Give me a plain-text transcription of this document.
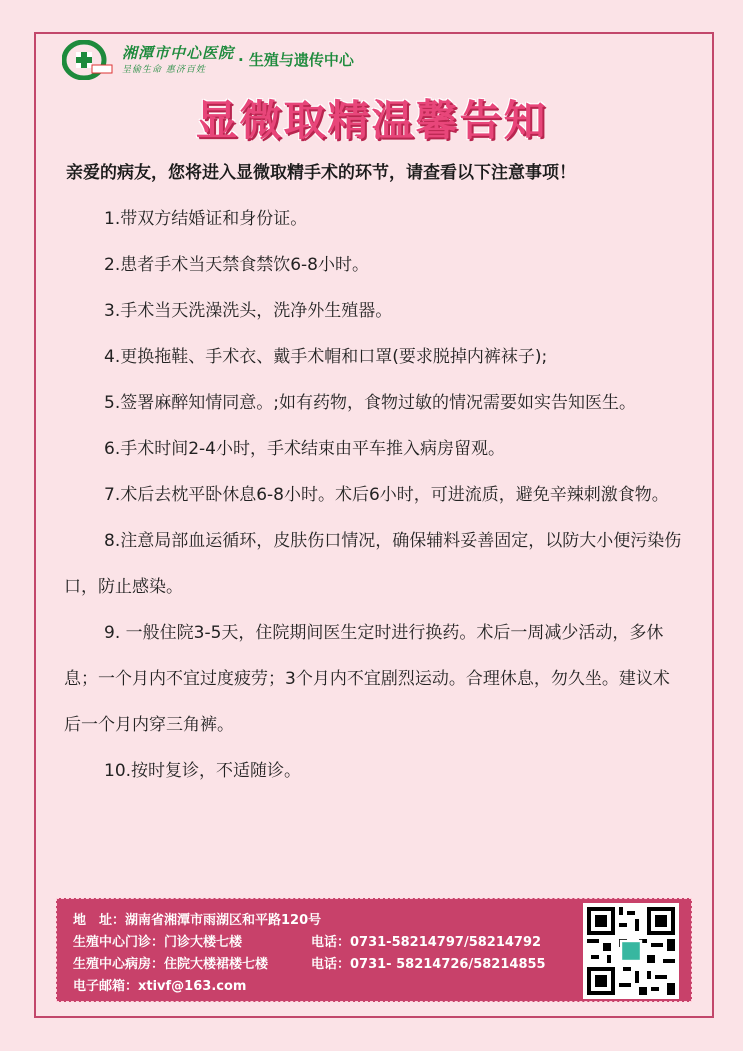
湘潭市中心医院
呈偷生命 惠济百姓
· 生殖与遗传中心
显微取精温馨告知
亲爱的病友，您将进入显微取精手术的环节，请查看以下注意事项！

1.带双方结婚证和身份证。

2.患者手术当天禁食禁饮6-8小时。

3.手术当天洗澡洗头，洗净外生殖器。

4.更换拖鞋、手术衣、戴手术帽和口罩(要求脱掉内裤袜子);

5.签署麻醉知情同意。;如有药物，食物过敏的情况需要如实告知医生。

6.手术时间2-4小时，手术结束由平车推入病房留观。

7.术后去枕平卧休息6-8小时。术后6小时，可进流质，避免辛辣刺激食物。

8.注意局部血运循环，皮肤伤口情况，确保辅料妥善固定，以防大小便污染伤口，防止感染。

9. 一般住院3-5天，住院期间医生定时进行换药。术后一周减少活动，多休息；一个月内不宜过度疲劳；3个月内不宜剧烈运动。合理休息，勿久坐。建议术后一个月内穿三角裤。

10.按时复诊，不适随诊。

地　址：湖南省湘潭市雨湖区和平路120号
生殖中心门诊：门诊大楼七楼	电话：0731-58214797/58214792
生殖中心病房：住院大楼裙楼七楼	电话：0731- 58214726/58214855
电子邮箱：xtivf@163.com
